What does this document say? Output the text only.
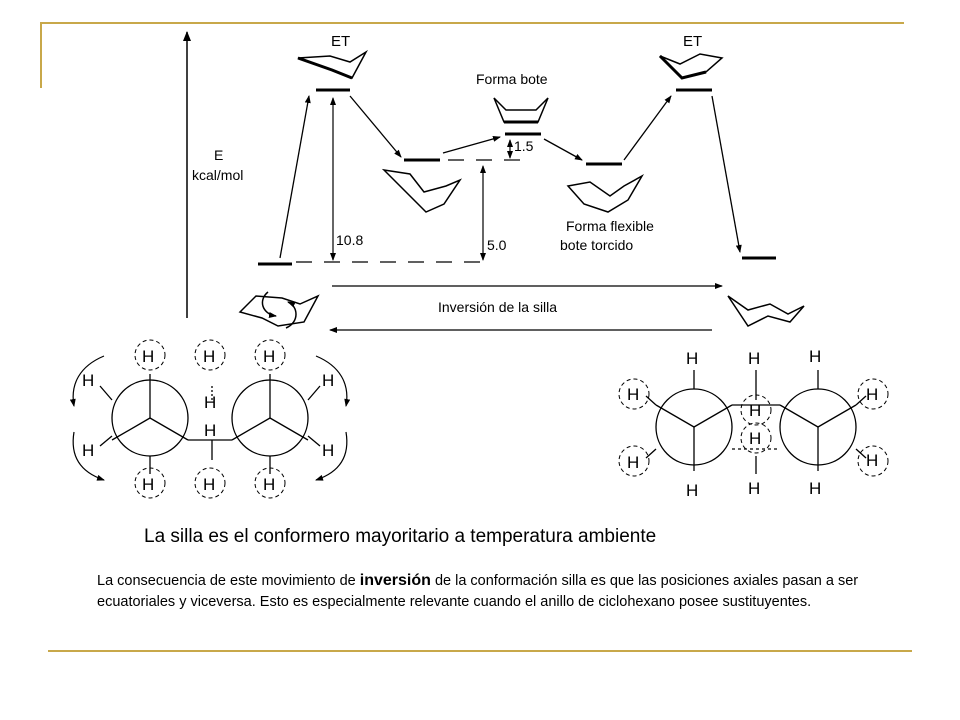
E
kcal/mol
10.8	5.0
1.5
ET	ET
Forma bote
Forma flexible
bote torcido
Inversión de la silla
H	H	H
H	H
H
H
H	H
H	H	H
H	H	H
H	H
H
H
H	H
H	H	H
La silla es el conformero mayoritario a temperatura ambiente
La consecuencia de este movimiento de inversión de la conformación silla es que las posiciones axiales pasan a ser ecuatoriales y viceversa. Esto es especialmente relevante cuando el anillo de ciclohexano posee sustituyentes.
